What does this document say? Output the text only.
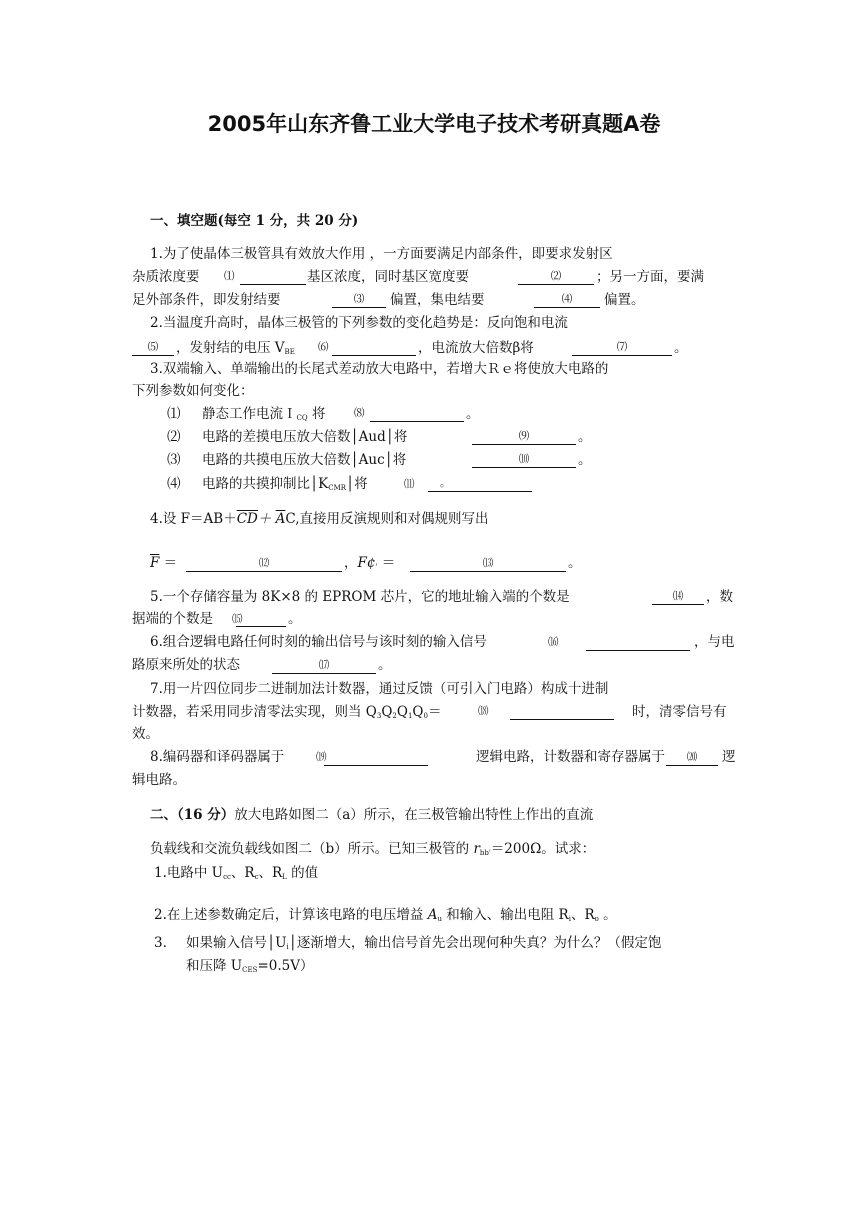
2005年山东齐鲁工业大学电子技术考研真题A卷
一、填空题(每空 1 分，共 20 分)
1.为了使晶体三极管具有效放大作用 ，一方面要满足内部条件，即要求发射区
杂质浓度要 ⑴	基区浓度，同时基区宽度要	⑵	；另一方面，要满
足外部条件，即发射结要	⑶	偏置，集电结要	⑷	偏置。
2.当温度升高时，晶体三极管的下列参数的变化趋势是：反向饱和电流
⑸	，发射结的电压 $V_{BE}$ ⑹	，电流放大倍数β将	⑺	。
3.双端输入、单端输出的长尾式差动放大电路中，若增大Ｒｅ将使放大电路的
下列参数如何变化：
⑴ 静态工作电流Ｉ$_{CQ}$ 将	⑻	。
⑵ 电路的差摸电压放大倍数│Aud│将	⑼	。
⑶ 电路的共摸电压放大倍数│Auc│将	⑽	。
⑷ 电路的共摸抑制比$│K_{CMR}│$将	⑾	。
4.设 $F=AB+\overline{CD}+ \overline{A}C$,直接用反演规则和对偶规则写出
$\overline{F}$ ＝	⑿	，F¢' ＝	⒀	。
5.一个存储容量为 8K×8 的 EPROM 芯片，它的地址输入端的个数是	⒁	，数
据端的个数是 ⒂	。
6.组合逻辑电路任何时刻的输出信号与该时刻的输入信号	⒃	，与电
路原来所处的状态	⒄	。
7.用一片四位同步二进制加法计数器，通过反馈（可引入门电路）构成十进制
计数器，若采用同步清零法实现，则当 $Q_3Q_2Q_1Q_0=$	⒅	时，清零信号有
效。
8.编码器和译码器属于	⒆	逻辑电路，计数器和寄存器属于	⒇	逻
辑电路。
二、（16 分）放大电路如图二（a）所示，在三极管输出特性上作出的直流
负载线和交流负载线如图二（b）所示。已知三极管的 $r_{bb'}=200\Omega$。试求：
1.电路中 $U_{cc}$、$R_c$、$R_L$ 的值
2.在上述参数确定后，计算该电路的电压增益 $A_u$ 和输入、输出电阻 $R_i$、$R_o$ 。
3. 如果输入信号$│U_i│$逐渐增大，输出信号首先会出现何种失真？为什么？（假定饱
和压降 $U_{CES}=0.5V$）
